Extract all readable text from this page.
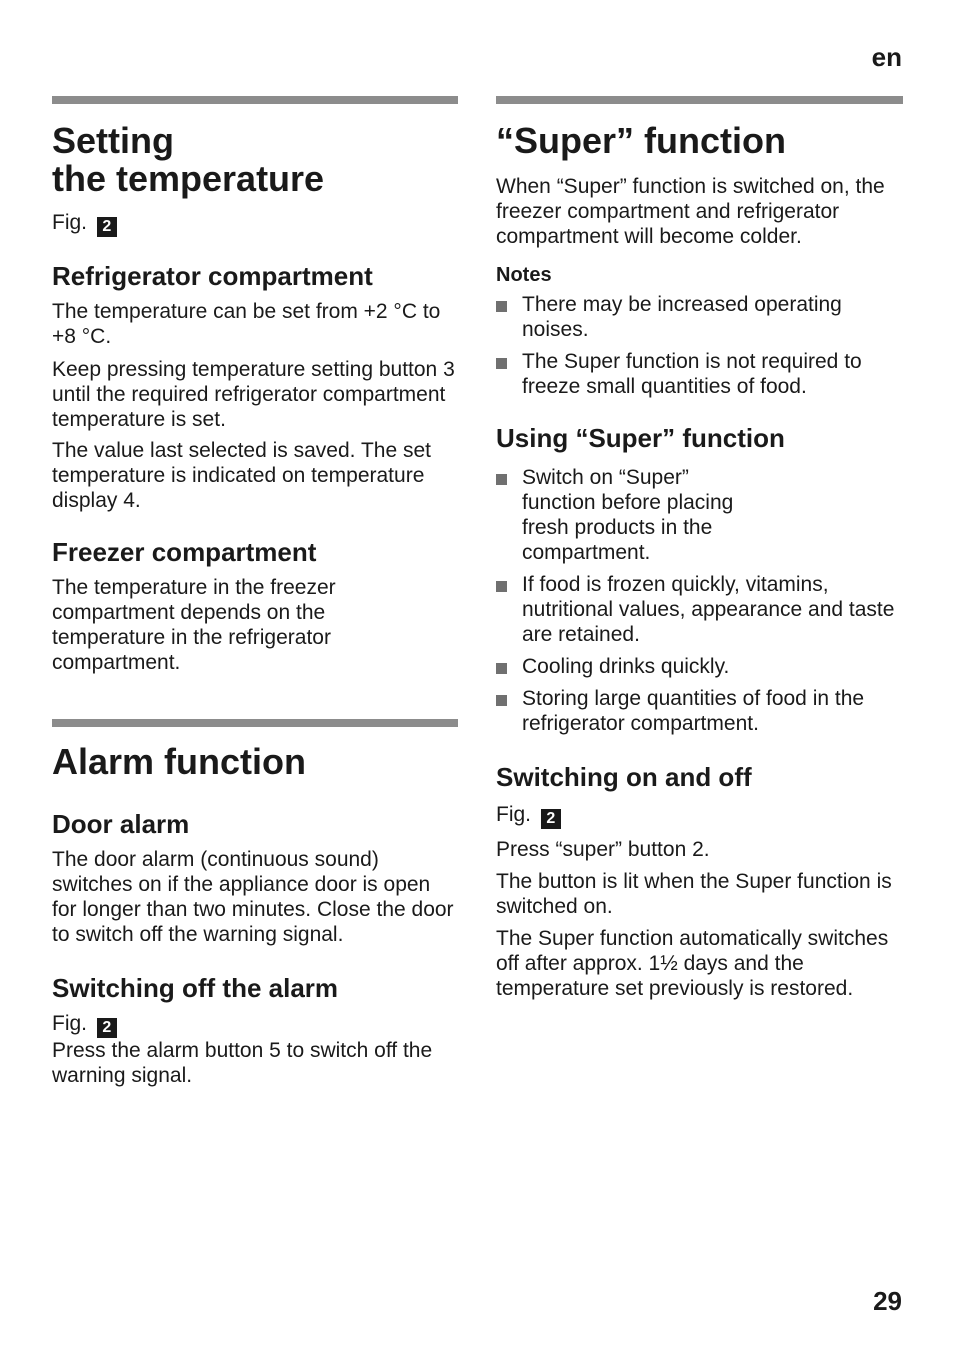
en
Setting
the temperature
Fig. 2
Refrigerator compartment

The temperature can be set from +2 °C to +8 °C.

Keep pressing temperature setting button 3 until the required refrigerator compartment temperature is set.

The value last selected is saved. The set temperature is indicated on temperature display 4.

Freezer compartment

The temperature in the freezer compartment depends on the temperature in the refrigerator compartment.

Alarm function
Door alarm

The door alarm (continuous sound) switches on if the appliance door is open for longer than two minutes. Close the door to switch off the warning signal.

Switching off the alarm
Fig. 2

Press the alarm button 5 to switch off the warning signal.

“Super” function

When “Super” function is switched on, the freezer compartment and refrigerator compartment will become colder.

Notes
There may be increased operating noises.
The Super function is not required to freeze small quantities of food.
Using “Super” function
Switch on “Super” function before placing fresh products in the compartment.
If food is frozen quickly, vitamins, nutritional values, appearance and taste are retained.
Cooling drinks quickly.
Storing large quantities of food in the refrigerator compartment.
Switching on and off
Fig. 2

Press “super” button 2.

The button is lit when the Super function is switched on.

The Super function automatically switches off after approx. 1½ days and the temperature set previously is restored.

29
